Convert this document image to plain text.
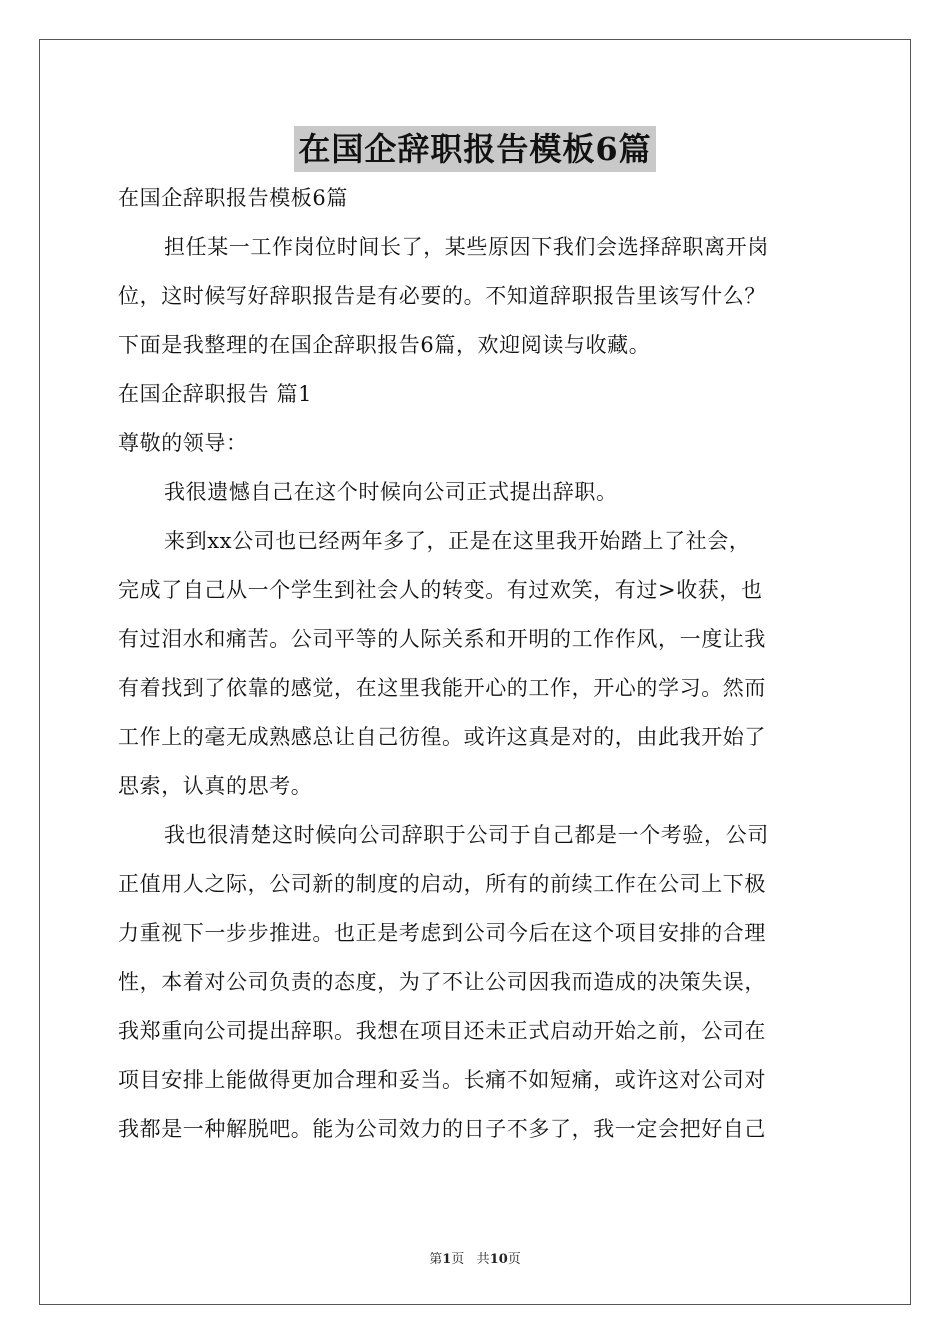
在国企辞职报告模板6篇
在国企辞职报告模板6篇
担任某一工作岗位时间长了，某些原因下我们会选择辞职离开岗
位，这时候写好辞职报告是有必要的。不知道辞职报告里该写什么？
下面是我整理的在国企辞职报告6篇，欢迎阅读与收藏。
在国企辞职报告 篇1
尊敬的领导：
我很遗憾自己在这个时候向公司正式提出辞职。
来到xx公司也已经两年多了，正是在这里我开始踏上了社会，
完成了自己从一个学生到社会人的转变。有过欢笑，有过>收获，也
有过泪水和痛苦。公司平等的人际关系和开明的工作作风，一度让我
有着找到了依靠的感觉，在这里我能开心的工作，开心的学习。然而
工作上的毫无成熟感总让自己彷徨。或许这真是对的，由此我开始了
思索，认真的思考。
我也很清楚这时候向公司辞职于公司于自己都是一个考验，公司
正值用人之际，公司新的制度的启动，所有的前续工作在公司上下极
力重视下一步步推进。也正是考虑到公司今后在这个项目安排的合理
性，本着对公司负责的态度，为了不让公司因我而造成的决策失误，
我郑重向公司提出辞职。我想在项目还未正式启动开始之前，公司在
项目安排上能做得更加合理和妥当。长痛不如短痛，或许这对公司对
我都是一种解脱吧。能为公司效力的日子不多了，我一定会把好自己
第1页 共10页
